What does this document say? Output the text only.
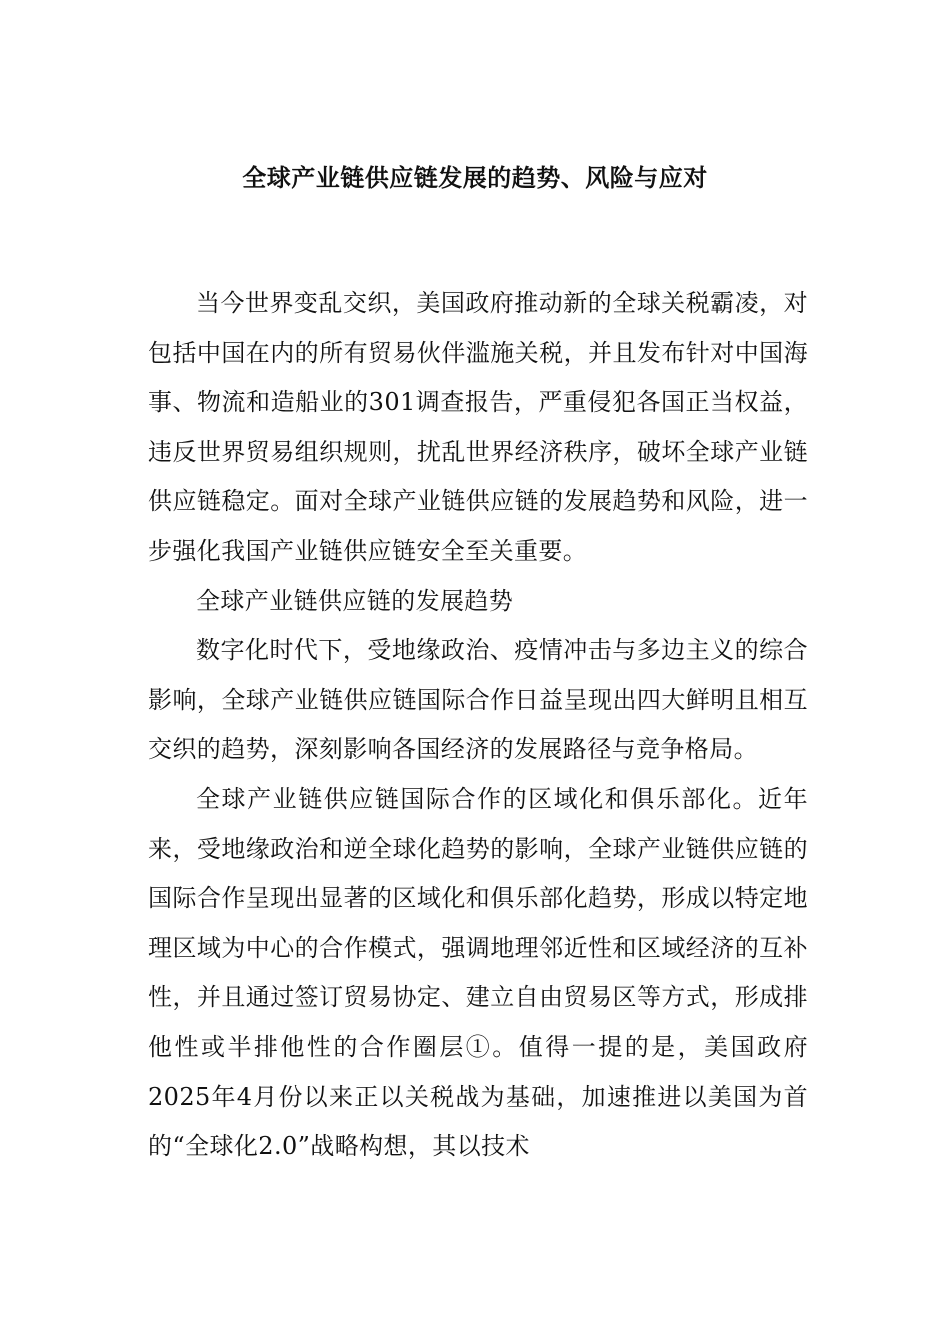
全球产业链供应链发展的趋势、风险与应对

当今世界变乱交织，美国政府推动新的全球关税霸凌，对包括中国在内的所有贸易伙伴滥施关税，并且发布针对中国海事、物流和造船业的301调查报告，严重侵犯各国正当权益，违反世界贸易组织规则，扰乱世界经济秩序，破坏全球产业链供应链稳定。面对全球产业链供应链的发展趋势和风险，进一步强化我国产业链供应链安全至关重要。

全球产业链供应链的发展趋势

数字化时代下，受地缘政治、疫情冲击与多边主义的综合影响，全球产业链供应链国际合作日益呈现出四大鲜明且相互交织的趋势，深刻影响各国经济的发展路径与竞争格局。

全球产业链供应链国际合作的区域化和俱乐部化。近年来，受地缘政治和逆全球化趋势的影响，全球产业链供应链的国际合作呈现出显著的区域化和俱乐部化趋势，形成以特定地理区域为中心的合作模式，强调地理邻近性和区域经济的互补性，并且通过签订贸易协定、建立自由贸易区等方式，形成排他性或半排他性的合作圈层①。值得一提的是，美国政府2025年4月份以来正以关税战为基础，加速推进以美国为首的“全球化2.0”战略构想，其以技术
